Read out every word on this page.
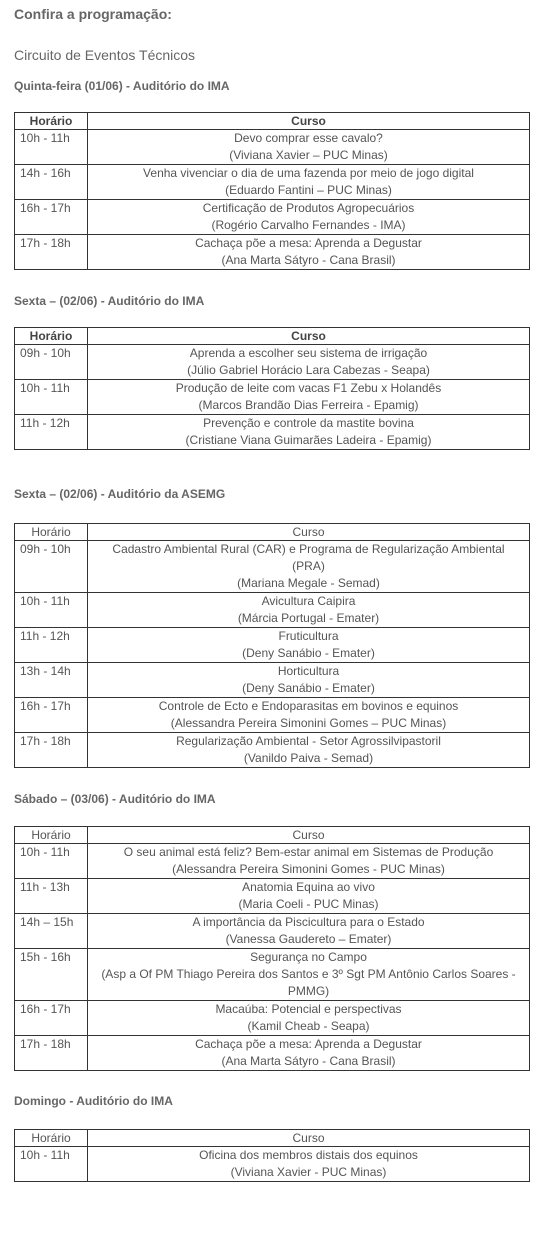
Confira a programação:
Circuito de Eventos Técnicos
Quinta-feira (01/06) - Auditório do IMA
Horário	Curso
10h - 11h	Devo comprar esse cavalo?
(Viviana Xavier – PUC Minas)

14h - 16h	Venha vivenciar o dia de uma fazenda por meio de jogo digital
(Eduardo Fantini – PUC Minas)

16h - 17h	Certificação de Produtos Agropecuários
(Rogério Carvalho Fernandes - IMA)

17h - 18h	Cachaça põe a mesa: Aprenda a Degustar
(Ana Marta Sátyro - Cana Brasil)
Sexta – (02/06) - Auditório do IMA
Horário	Curso
09h - 10h	Aprenda a escolher seu sistema de irrigação
(Júlio Gabriel Horácio Lara Cabezas - Seapa)

10h - 11h	Produção de leite com vacas F1 Zebu x Holandês
(Marcos Brandão Dias Ferreira - Epamig)

11h - 12h	Prevenção e controle da mastite bovina
(Cristiane Viana Guimarães Ladeira - Epamig)
Sexta – (02/06) - Auditório da ASEMG
Horário	Curso
09h - 10h	Cadastro Ambiental Rural (CAR) e Programa de Regularização Ambiental
(PRA)
(Mariana Megale - Semad)

10h - 11h	Avicultura Caipira
(Márcia Portugal - Emater)

11h - 12h	Fruticultura
(Deny Sanábio - Emater)

13h - 14h	Horticultura
(Deny Sanábio - Emater)

16h - 17h	Controle de Ecto e Endoparasitas em bovinos e equinos
(Alessandra Pereira Simonini Gomes – PUC Minas)

17h - 18h	Regularização Ambiental - Setor Agrossilvipastoril
(Vanildo Paiva - Semad)
Sábado – (03/06) - Auditório do IMA
Horário	Curso
10h - 11h	O seu animal está feliz? Bem-estar animal em Sistemas de Produção
(Alessandra Pereira Simonini Gomes - PUC Minas)

11h - 13h	Anatomia Equina ao vivo
(Maria Coeli - PUC Minas)

14h – 15h	A importância da Piscicultura para o Estado
(Vanessa Gaudereto – Emater)

15h - 16h	Segurança no Campo
(Asp a Of PM Thiago Pereira dos Santos e 3º Sgt PM Antônio Carlos Soares -
PMMG)

16h - 17h	Macaúba: Potencial e perspectivas
(Kamil Cheab - Seapa)

17h - 18h	Cachaça põe a mesa: Aprenda a Degustar
(Ana Marta Sátyro - Cana Brasil)
Domingo - Auditório do IMA
Horário	Curso
10h - 11h	Oficina dos membros distais dos equinos
(Viviana Xavier - PUC Minas)
